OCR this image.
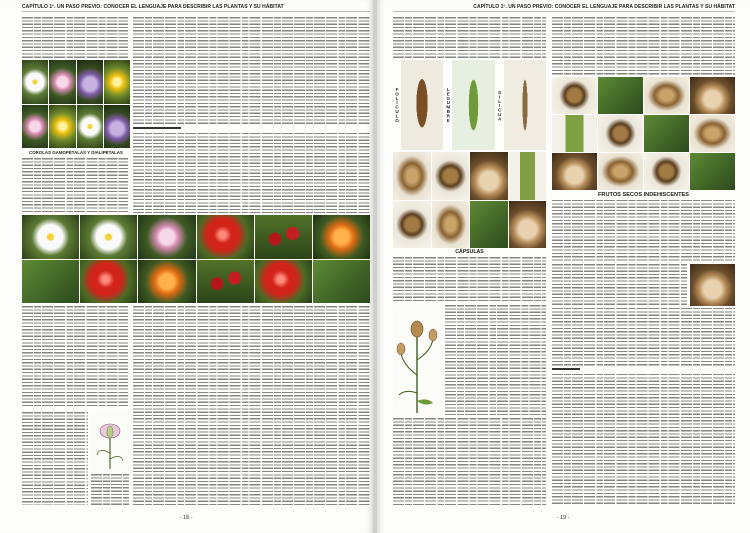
CAPÍTULO 1º. UN PASO PREVIO: CONOCER EL LENGUAJE PARA DESCRIBIR LAS PLANTAS Y SU HÁBITAT
COROLAS GAMOPÉTALAS Y DIALIPÉTALAS
- 18 -
CAPÍTULO 1º. UN PASO PREVIO: CONOCER EL LENGUAJE PARA DESCRIBIR LAS PLANTAS Y SU HÁBITAT
FOLÍCULO	LEGUMBRE	SILICUA
CÁPSULAS
FRUTOS SECOS INDEHISCENTES
- 19 -
